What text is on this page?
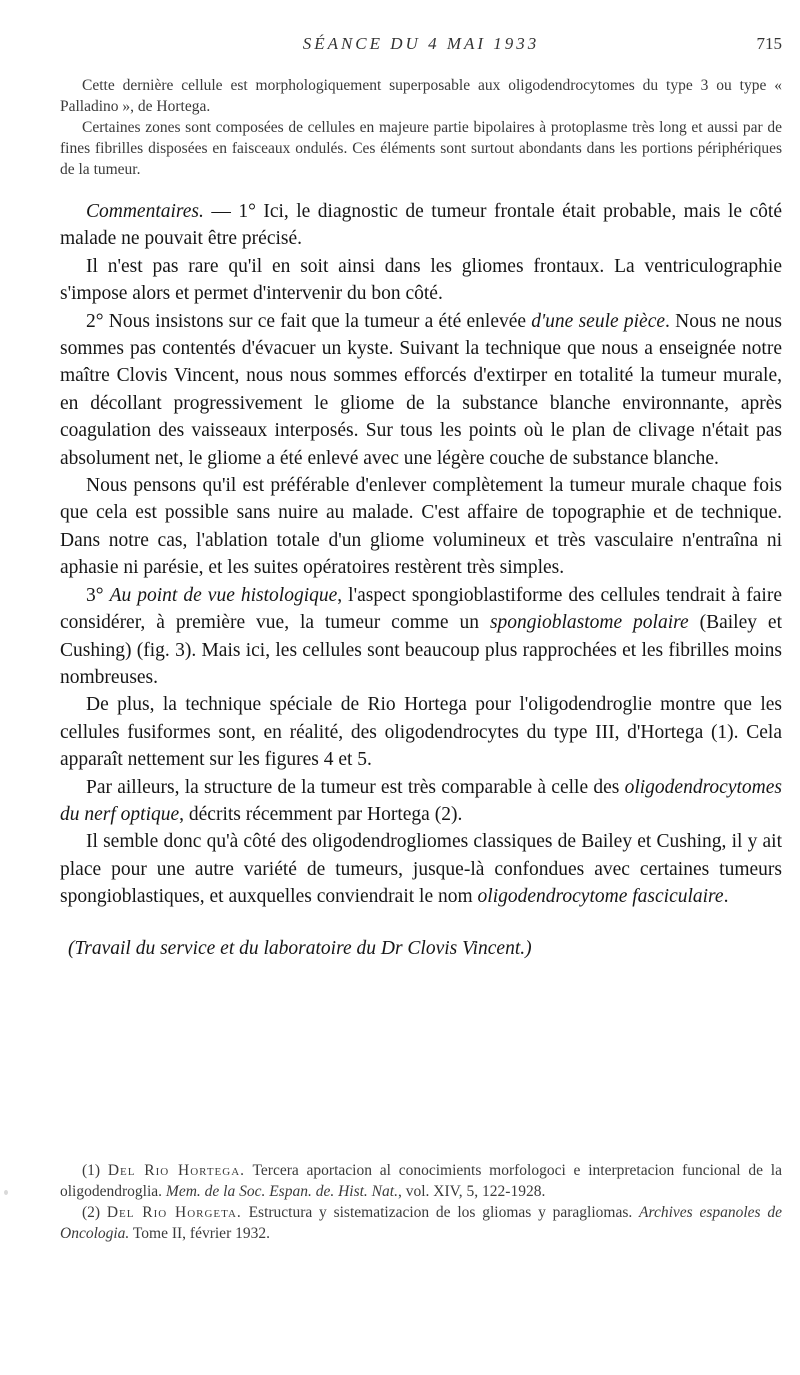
SÉANCE DU 4 MAI 1933	715

Cette dernière cellule est morphologiquement superposable aux oligodendrocytomes du type 3 ou type « Palladino », de Hortega.

Certaines zones sont composées de cellules en majeure partie bipolaires à protoplasme très long et aussi par de fines fibrilles disposées en faisceaux ondulés. Ces éléments sont surtout abondants dans les portions périphériques de la tumeur.

Commentaires. — 1° Ici, le diagnostic de tumeur frontale était probable, mais le côté malade ne pouvait être précisé.

Il n'est pas rare qu'il en soit ainsi dans les gliomes frontaux. La ventriculographie s'impose alors et permet d'intervenir du bon côté.

2° Nous insistons sur ce fait que la tumeur a été enlevée d'une seule pièce. Nous ne nous sommes pas contentés d'évacuer un kyste. Suivant la technique que nous a enseignée notre maître Clovis Vincent, nous nous sommes efforcés d'extirper en totalité la tumeur murale, en décollant progressivement le gliome de la substance blanche environnante, après coagulation des vaisseaux interposés. Sur tous les points où le plan de clivage n'était pas absolument net, le gliome a été enlevé avec une légère couche de substance blanche.

Nous pensons qu'il est préférable d'enlever complètement la tumeur murale chaque fois que cela est possible sans nuire au malade. C'est affaire de topographie et de technique. Dans notre cas, l'ablation totale d'un gliome volumineux et très vasculaire n'entraîna ni aphasie ni parésie, et les suites opératoires restèrent très simples.

3° Au point de vue histologique, l'aspect spongioblastiforme des cellules tendrait à faire considérer, à première vue, la tumeur comme un spongioblastome polaire (Bailey et Cushing) (fig. 3). Mais ici, les cellules sont beaucoup plus rapprochées et les fibrilles moins nombreuses.

De plus, la technique spéciale de Rio Hortega pour l'oligodendroglie montre que les cellules fusiformes sont, en réalité, des oligodendrocytes du type III, d'Hortega (1). Cela apparaît nettement sur les figures 4 et 5.

Par ailleurs, la structure de la tumeur est très comparable à celle des oligodendrocytomes du nerf optique, décrits récemment par Hortega (2).

Il semble donc qu'à côté des oligodendrogliomes classiques de Bailey et Cushing, il y ait place pour une autre variété de tumeurs, jusque-là confondues avec certaines tumeurs spongioblastiques, et auxquelles conviendrait le nom oligodendrocytome fasciculaire.

(Travail du service et du laboratoire du Dr Clovis Vincent.)

(1) Del Rio Hortega. Tercera aportacion al conocimients morfologoci e interpretacion funcional de la oligodendroglia. Mem. de la Soc. Espan. de. Hist. Nat., vol. XIV, 5, 122-1928.

(2) Del Rio Horgeta. Estructura y sistematizacion de los gliomas y paragliomas. Archives espanoles de Oncologia. Tome II, février 1932.
